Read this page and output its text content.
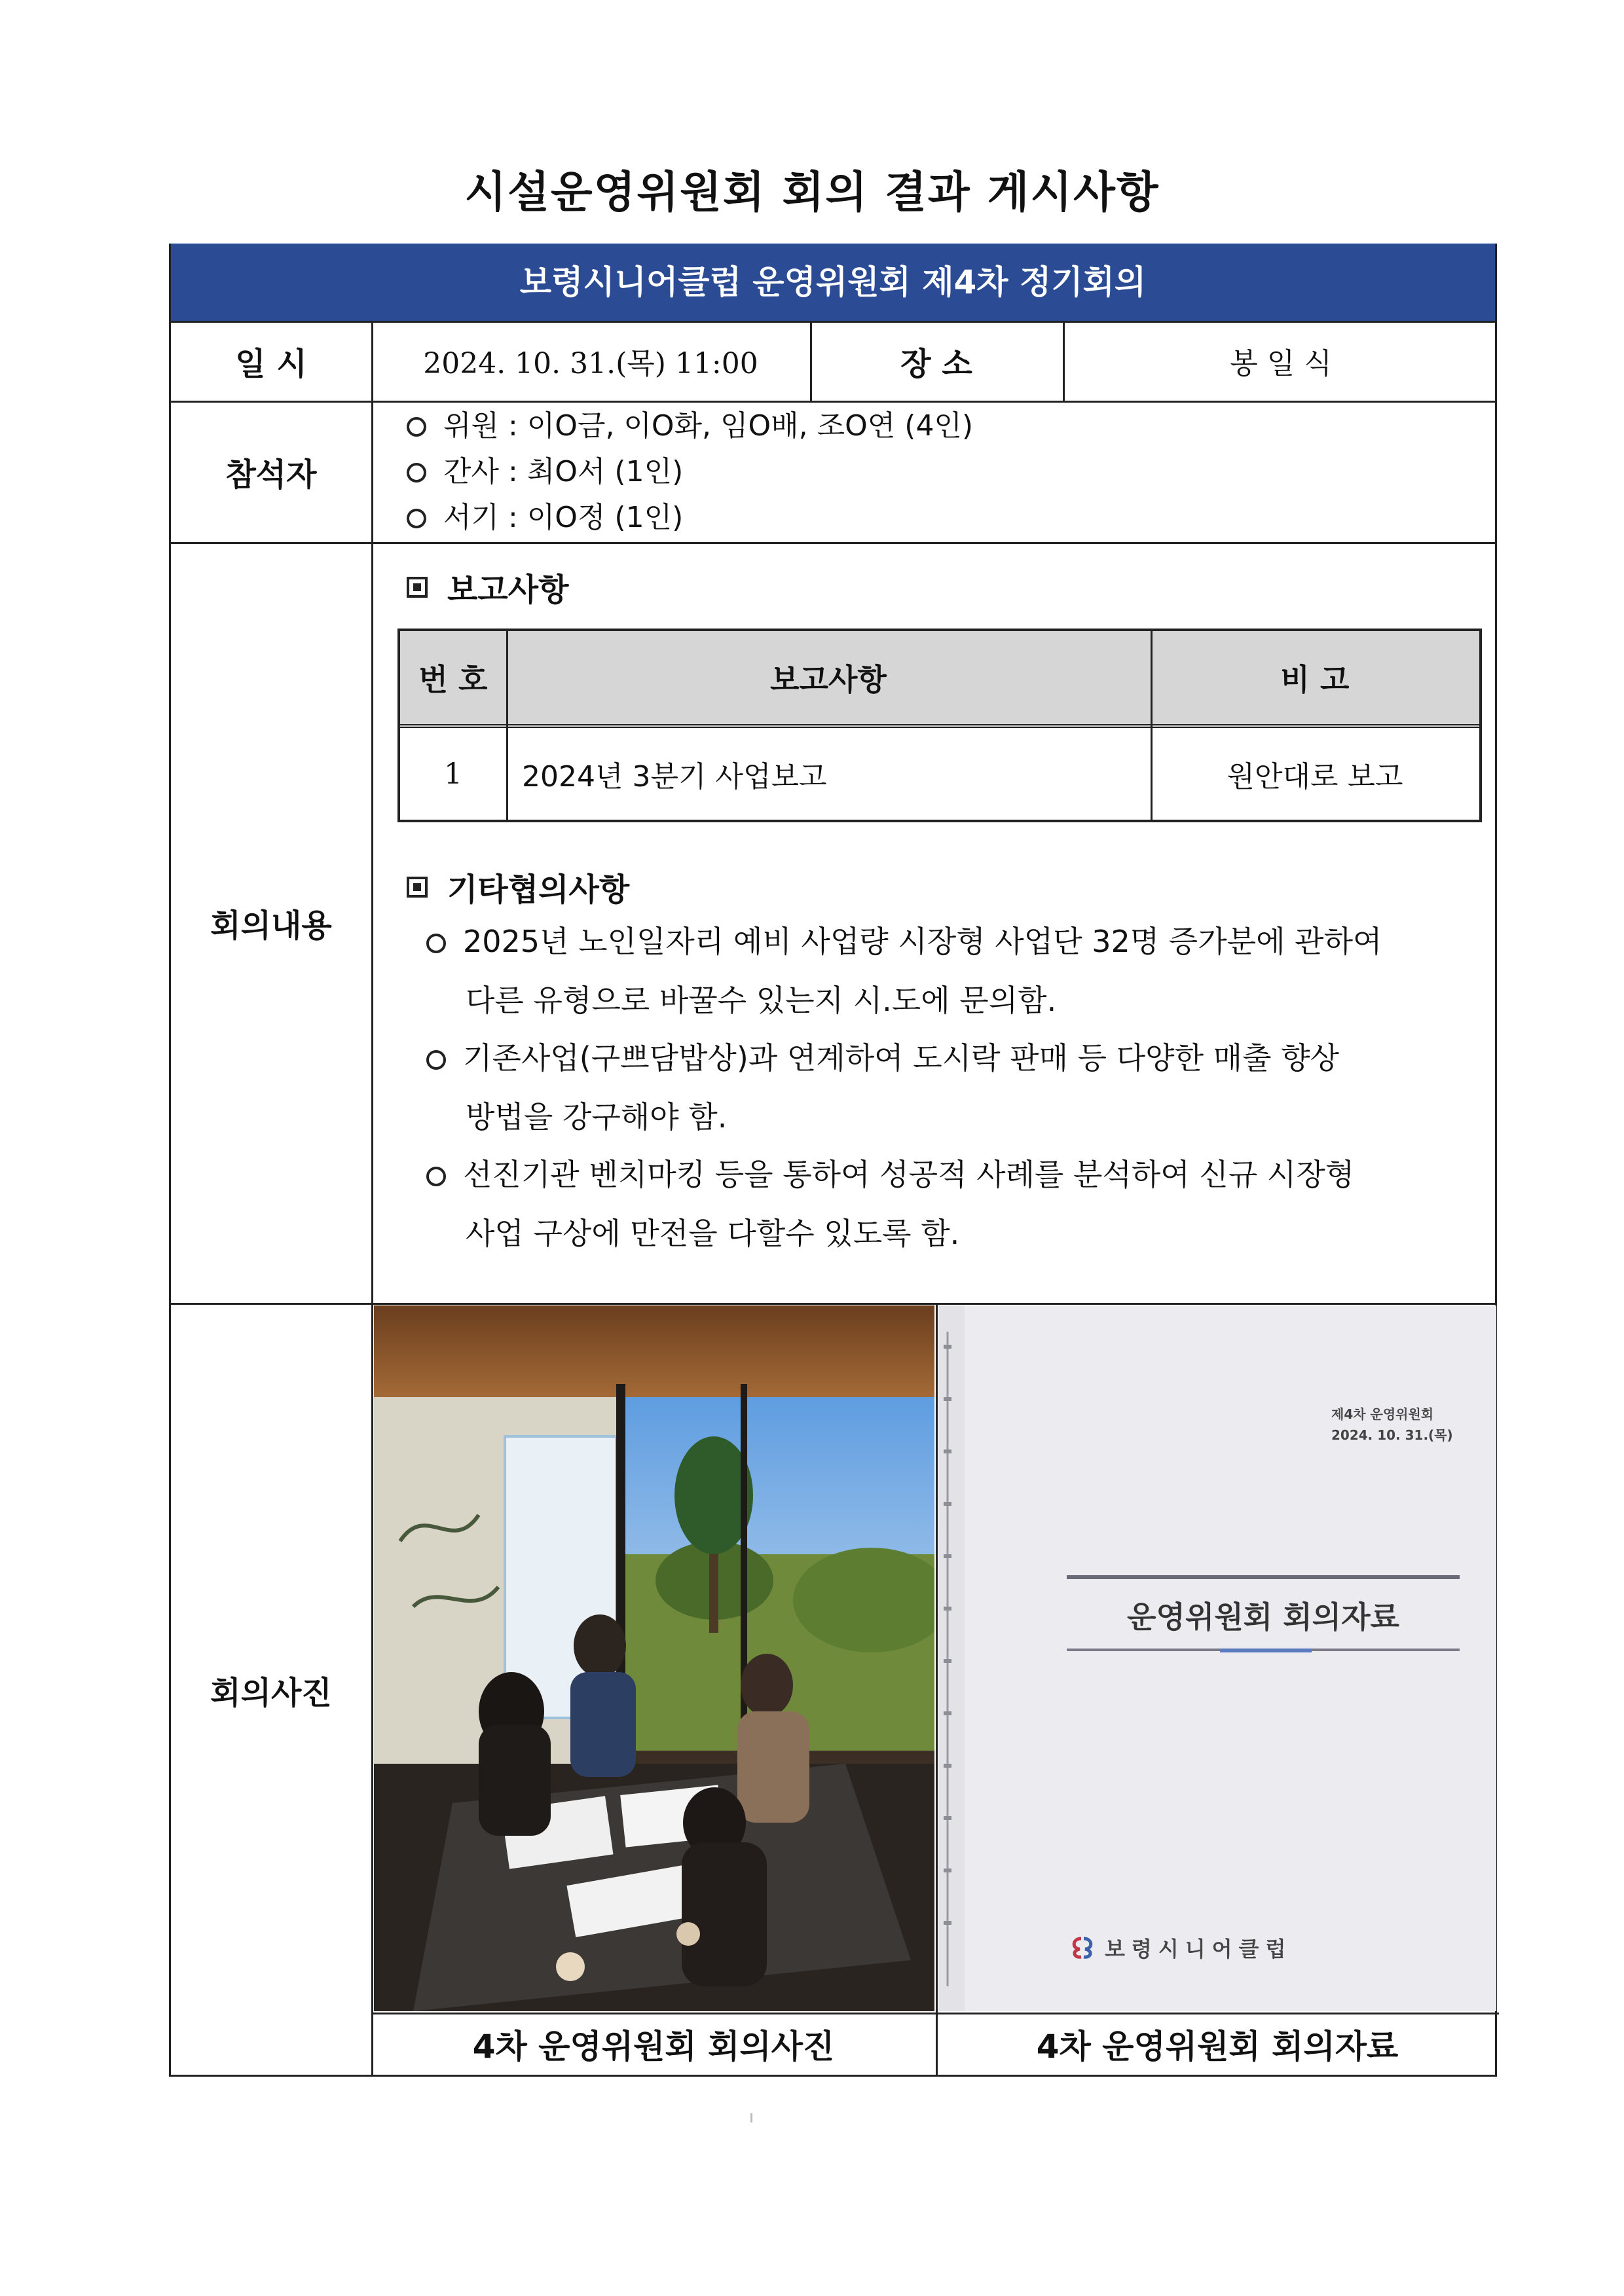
시설운영위원회 회의 결과 게시사항
보령시니어클럽 운영위원회 제4차 정기회의
일 시	2024. 10. 31.(목) 11:00	장 소	봉 일 식
참석자
위원 : 이O금, 이O화, 임O배, 조O연 (4인)
간사 : 최O서 (1인)
서기 : 이O정 (1인)
회의내용
보고사항
번 호	보고사항	비 고
1	2024년 3분기 사업보고	원안대로 보고
기타협의사항
2025년 노인일자리 예비 사업량 시장형 사업단 32명 증가분에 관하여
다른 유형으로 바꿀수 있는지 시.도에 문의함.
기존사업(구쁘담밥상)과 연계하여 도시락 판매 등 다양한 매출 향상
방법을 강구해야 함.
선진기관 벤치마킹 등을 통하여 성공적 사례를 분석하여 신규 시장형
사업 구상에 만전을 다할수 있도록 함.
회의사진
제4차 운영위원회
2024. 10. 31.(목)
운영위원회 회의자료
보령시니어클럽
4차 운영위원회 회의사진	4차 운영위원회 회의자료
